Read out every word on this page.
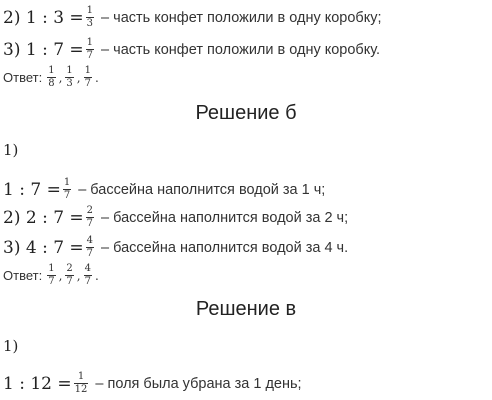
2) 1 : $3 = \frac{1}{3}$ – часть конфет положили в одну коробку;
3) 1 : $7 = \frac{1}{7}$ – часть конфет положили в одну коробку.
Ответ: $\frac{1}{8}$ , $\frac{1}{3}$ , $\frac{1}{7}$ .
Решение б
1)
1 : $7 = \frac{1}{7}$ – бассейна наполнится водой за 1 ч;
2) 2 : $7 = \frac{2}{7}$ – бассейна наполнится водой за 2 ч;
3) 4 : $7 = \frac{4}{7}$ – бассейна наполнится водой за 4 ч.
Ответ: $\frac{1}{7}$ , $\frac{2}{7}$ , $\frac{4}{7}$ .
Решение в
1)
1 : $12 = \frac{1}{12}$ – поля была убрана за 1 день;
